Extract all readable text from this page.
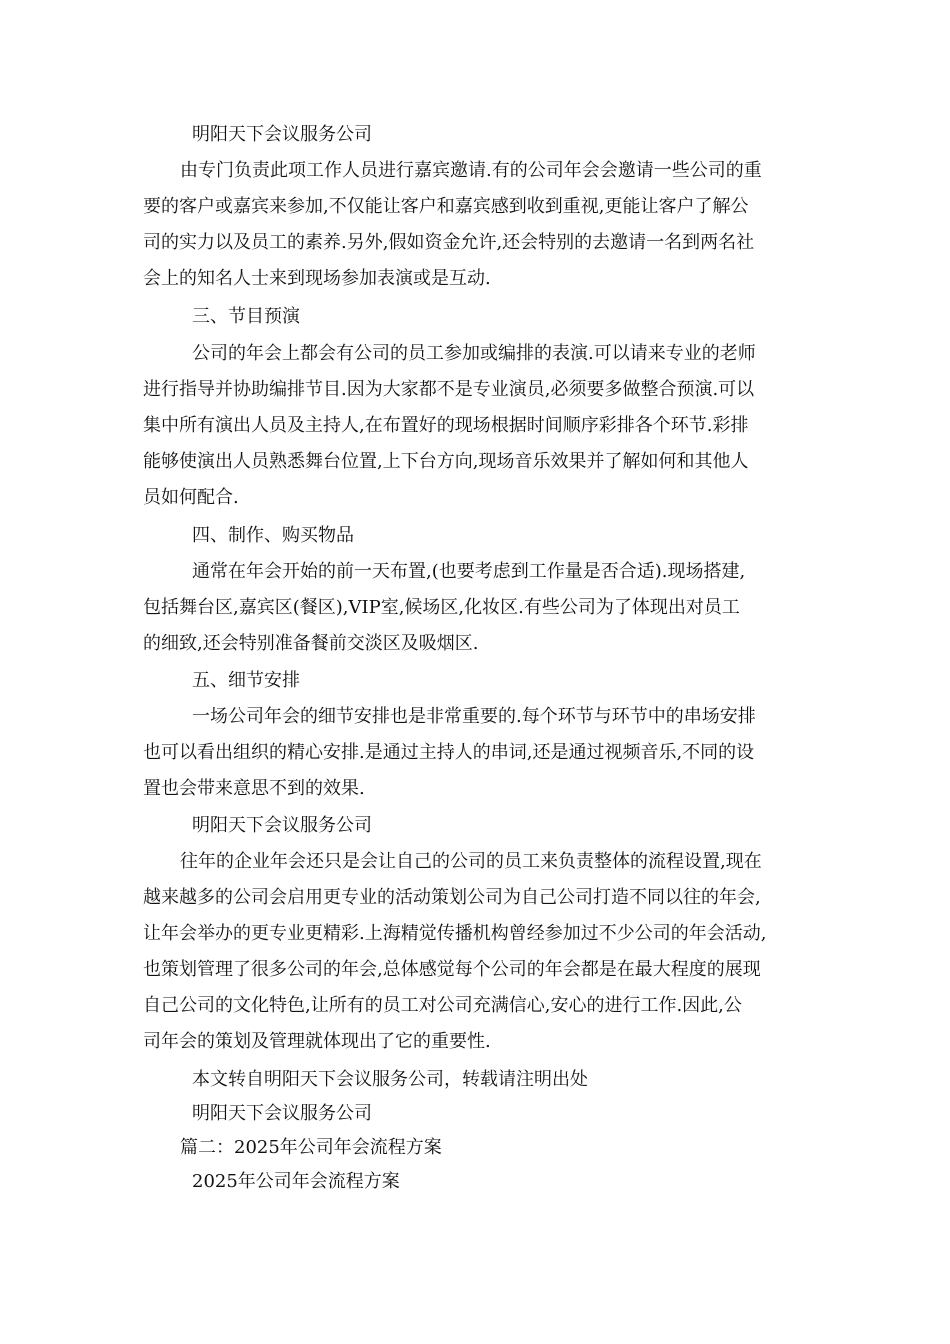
明阳天下会议服务公司
由专门负责此项工作人员进行嘉宾邀请.有的公司年会会邀请一些公司的重
要的客户或嘉宾来参加,不仅能让客户和嘉宾感到收到重视,更能让客户了解公
司的实力以及员工的素养.另外,假如资金允许,还会特别的去邀请一名到两名社
会上的知名人士来到现场参加表演或是互动.
三、节目预演
公司的年会上都会有公司的员工参加或编排的表演.可以请来专业的老师
进行指导并协助编排节目.因为大家都不是专业演员,必须要多做整合预演.可以
集中所有演出人员及主持人,在布置好的现场根据时间顺序彩排各个环节.彩排
能够使演出人员熟悉舞台位置,上下台方向,现场音乐效果并了解如何和其他人
员如何配合.
四、制作、购买物品
通常在年会开始的前一天布置,(也要考虑到工作量是否合适).现场搭建,
包括舞台区,嘉宾区(餐区),VIP室,候场区,化妆区.有些公司为了体现出对员工
的细致,还会特别准备餐前交淡区及吸烟区.
五、细节安排
一场公司年会的细节安排也是非常重要的.每个环节与环节中的串场安排
也可以看出组织的精心安排.是通过主持人的串词,还是通过视频音乐,不同的设
置也会带来意思不到的效果.
明阳天下会议服务公司
往年的企业年会还只是会让自己的公司的员工来负责整体的流程设置,现在
越来越多的公司会启用更专业的活动策划公司为自己公司打造不同以往的年会,
让年会举办的更专业更精彩.上海精觉传播机构曾经参加过不少公司的年会活动,
也策划管理了很多公司的年会,总体感觉每个公司的年会都是在最大程度的展现
自己公司的文化特色,让所有的员工对公司充满信心,安心的进行工作.因此,公
司年会的策划及管理就体现出了它的重要性.
本文转自明阳天下会议服务公司，转载请注明出处
明阳天下会议服务公司
篇二：2025年公司年会流程方案
2025年公司年会流程方案
